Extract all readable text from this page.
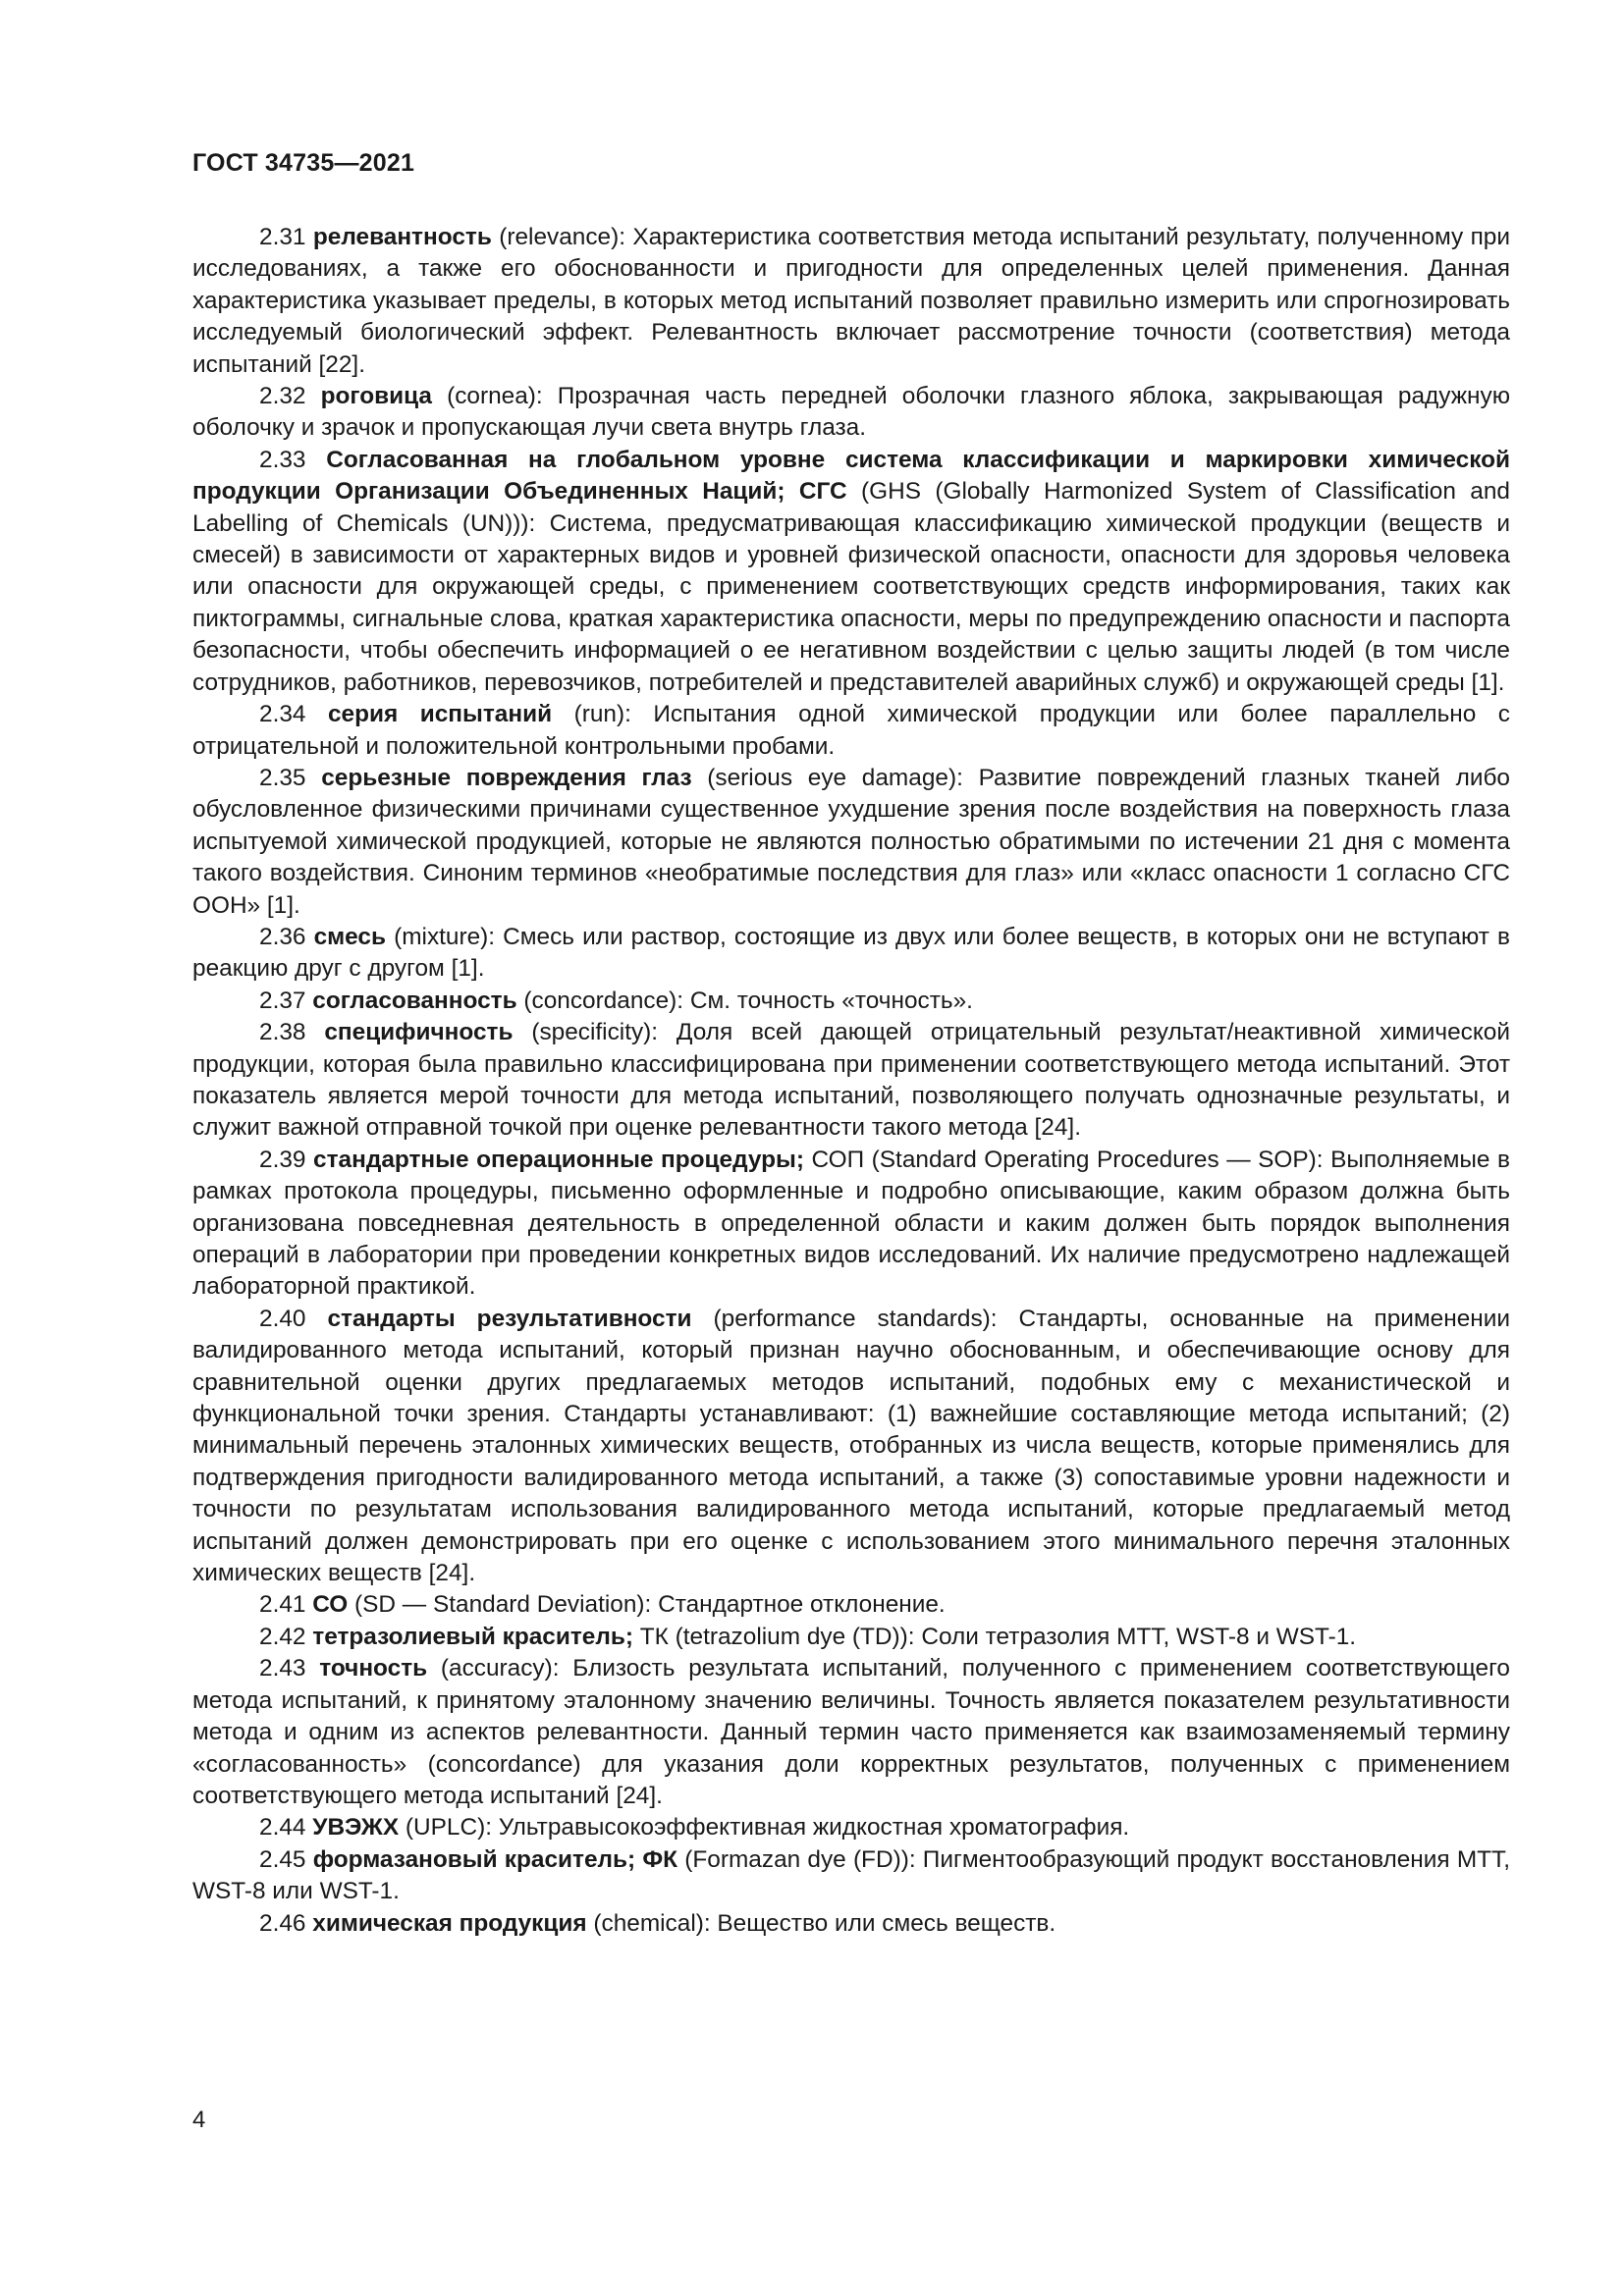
ГОСТ 34735—2021

2.31 релевантность (relevance): Характеристика соответствия метода испытаний результату, полученному при исследованиях, а также его обоснованности и пригодности для определенных целей применения. Данная характеристика указывает пределы, в которых метод испытаний позволяет правильно измерить или спрогнозировать исследуемый биологический эффект. Релевантность включает рассмотрение точности (соответствия) метода испытаний [22].

2.32 роговица (cornea): Прозрачная часть передней оболочки глазного яблока, закрывающая радужную оболочку и зрачок и пропускающая лучи света внутрь глаза.

2.33 Согласованная на глобальном уровне система классификации и маркировки химической продукции Организации Объединенных Наций; СГС (GHS (Globally Harmonized System of Classification and Labelling of Chemicals (UN))): Система, предусматривающая классификацию химической продукции (веществ и смесей) в зависимости от характерных видов и уровней физической опасности, опасности для здоровья человека или опасности для окружающей среды, с применением соответствующих средств информирования, таких как пиктограммы, сигнальные слова, краткая характеристика опасности, меры по предупреждению опасности и паспорта безопасности, чтобы обеспечить информацией о ее негативном воздействии с целью защиты людей (в том числе сотрудников, работников, перевозчиков, потребителей и представителей аварийных служб) и окружающей среды [1].

2.34 серия испытаний (run): Испытания одной химической продукции или более параллельно с отрицательной и положительной контрольными пробами.

2.35 серьезные повреждения глаз (serious eye damage): Развитие повреждений глазных тканей либо обусловленное физическими причинами существенное ухудшение зрения после воздействия на поверхность глаза испытуемой химической продукцией, которые не являются полностью обратимыми по истечении 21 дня с момента такого воздействия. Синоним терминов «необратимые последствия для глаз» или «класс опасности 1 согласно СГС ООН» [1].

2.36 смесь (mixture): Смесь или раствор, состоящие из двух или более веществ, в которых они не вступают в реакцию друг с другом [1].

2.37 согласованность (concordance): См. точность «точность».

2.38 специфичность (specificity): Доля всей дающей отрицательный результат/неактивной химической продукции, которая была правильно классифицирована при применении соответствующего метода испытаний. Этот показатель является мерой точности для метода испытаний, позволяющего получать однозначные результаты, и служит важной отправной точкой при оценке релевантности такого метода [24].

2.39 стандартные операционные процедуры; СОП (Standard Operating Procedures — SOP): Выполняемые в рамках протокола процедуры, письменно оформленные и подробно описывающие, каким образом должна быть организована повседневная деятельность в определенной области и каким должен быть порядок выполнения операций в лаборатории при проведении конкретных видов исследований. Их наличие предусмотрено надлежащей лабораторной практикой.

2.40 стандарты результативности (performance standards): Стандарты, основанные на применении валидированного метода испытаний, который признан научно обоснованным, и обеспечивающие основу для сравнительной оценки других предлагаемых методов испытаний, подобных ему с механистической и функциональной точки зрения. Стандарты устанавливают: (1) важнейшие составляющие метода испытаний; (2) минимальный перечень эталонных химических веществ, отобранных из числа веществ, которые применялись для подтверждения пригодности валидированного метода испытаний, а также (3) сопоставимые уровни надежности и точности по результатам использования валидированного метода испытаний, которые предлагаемый метод испытаний должен демонстрировать при его оценке с использованием этого минимального перечня эталонных химических веществ [24].

2.41 СО (SD — Standard Deviation): Стандартное отклонение.

2.42 тетразолиевый краситель; ТК (tetrazolium dye (TD)): Соли тетразолия МТТ, WST-8 и WST-1.

2.43 точность (accuracy): Близость результата испытаний, полученного с применением соответствующего метода испытаний, к принятому эталонному значению величины. Точность является показателем результативности метода и одним из аспектов релевантности. Данный термин часто применяется как взаимозаменяемый термину «согласованность» (concordance) для указания доли корректных результатов, полученных с применением соответствующего метода испытаний [24].

2.44 УВЭЖХ (UPLC): Ультравысокоэффективная жидкостная хроматография.

2.45 формазановый краситель; ФК (Formazan dye (FD)): Пигментообразующий продукт восстановления МТТ, WST-8 или WST-1.

2.46 химическая продукция (chemical): Вещество или смесь веществ.

4
